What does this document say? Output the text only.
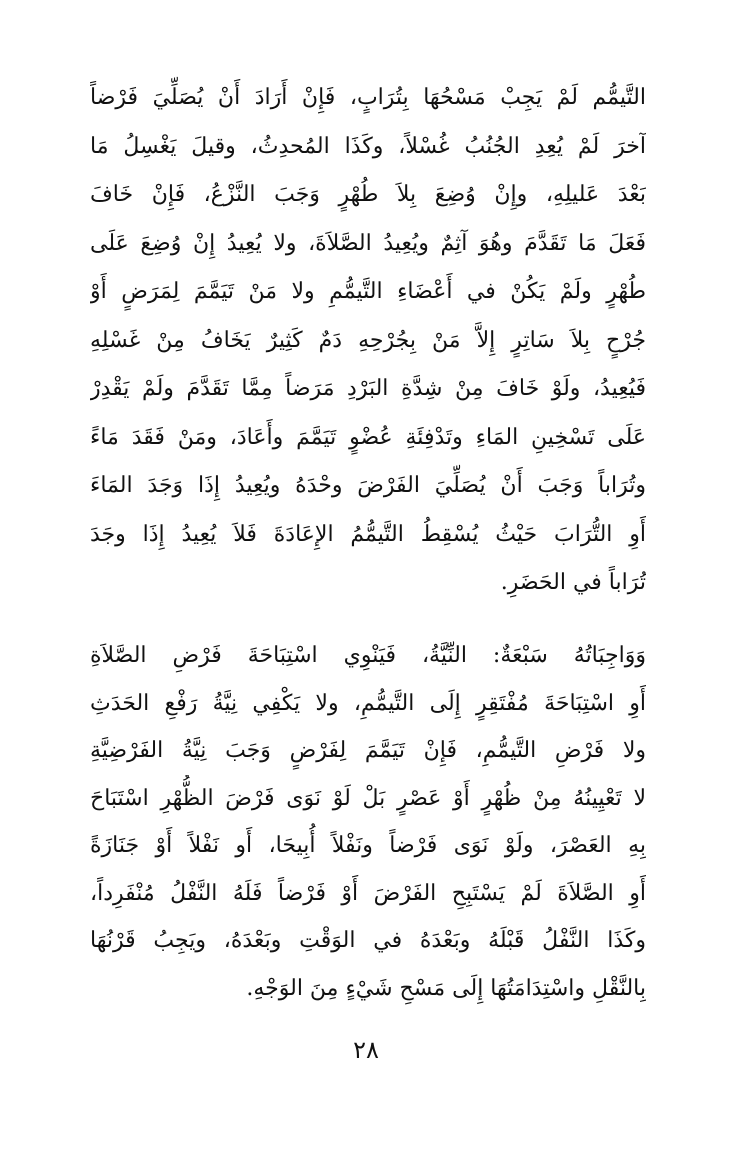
التَّيمُّم لَمْ يَجِبْ مَسْحُهَا بِتُرَابٍ، فَإِنْ أَرَادَ أَنْ يُصَلِّيَ فَرْضاً
آخرَ لَمْ يُعِدِ الجُنُبُ غُسْلاً، وكَذَا المُحدِثُ، وقيلَ يَغْسِلُ مَا
بَعْدَ عَليلِهِ، وإِنْ وُضِعَ بِلاَ طُهْرٍ وَجَبَ النَّزْعُ، فَإِنْ خَافَ
فَعَلَ مَا تَقَدَّمَ وهُوَ آثِمٌ ويُعِيدُ الصَّلاَةَ، ولا يُعِيدُ إِنْ وُضِعَ عَلَى
طُهْرٍ ولَمْ يَكُنْ في أَعْضَاءِ التَّيمُّمِ ولا مَنْ تَيَمَّمَ لِمَرَضٍ أَوْ
جُرْحٍ بِلاَ سَاتِرٍ إِلاَّ مَنْ بِجُرْحِهِ دَمٌ كَثِيرٌ يَخَافُ مِنْ غَسْلِهِ
فَيُعِيدُ، ولَوْ خَافَ مِنْ شِدَّةِ البَرْدِ مَرَضاً مِمَّا تَقَدَّمَ ولَمْ يَقْدِرْ
عَلَى تَسْخِينِ المَاءِ وتَدْفِئَةِ عُضْوٍ تَيَمَّمَ وأَعَادَ، ومَنْ فَقَدَ مَاءً
وتُرَاباً وَجَبَ أَنْ يُصَلِّيَ الفَرْضَ وحْدَهُ ويُعِيدُ إِذَا وَجَدَ المَاءَ
أَوِ التُّرَابَ حَيْثُ يُسْقِطُ التَّيمُّمُ الإِعَادَةَ فَلاَ يُعِيدُ إِذَا وجَدَ
تُرَاباً في الحَضَرِ.
وَوَاجِبَاتُهُ سَبْعَةٌ: النِّيَّةُ، فَيَنْوِي اسْتِبَاحَةَ فَرْضِ الصَّلاَةِ
أَوِ اسْتِبَاحَةَ مُفْتَقِرٍ إِلَى التَّيمُّمِ، ولا يَكْفِي نِيَّةُ رَفْعِ الحَدَثِ
ولا فَرْضِ التَّيمُّمِ، فَإِنْ تَيَمَّمَ لِفَرْضٍ وَجَبَ نِيَّةُ الفَرْضِيَّةِ
لا تَعْيِينُهُ مِنْ ظُهْرٍ أَوْ عَصْرٍ بَلْ لَوْ نَوَى فَرْضَ الظُّهْرِ اسْتَبَاحَ
بِهِ العَصْرَ، ولَوْ نَوَى فَرْضاً ونَفْلاً أُبِيحَا، أَو نَفْلاً أَوْ جَنَازَةً
أَوِ الصَّلاَةَ لَمْ يَسْتَبِحِ الفَرْضَ أَوْ فَرْضاً فَلَهُ النَّفْلُ مُنْفَرِداً،
وكَذَا النَّفْلُ قَبْلَهُ وبَعْدَهُ في الوَقْتِ وبَعْدَهُ، ويَجِبُ قَرْنُهَا
بِالنَّقْلِ واسْتِدَامَتُهَا إِلَى مَسْحِ شَيْءٍ مِنَ الوَجْهِ.
٢٨
